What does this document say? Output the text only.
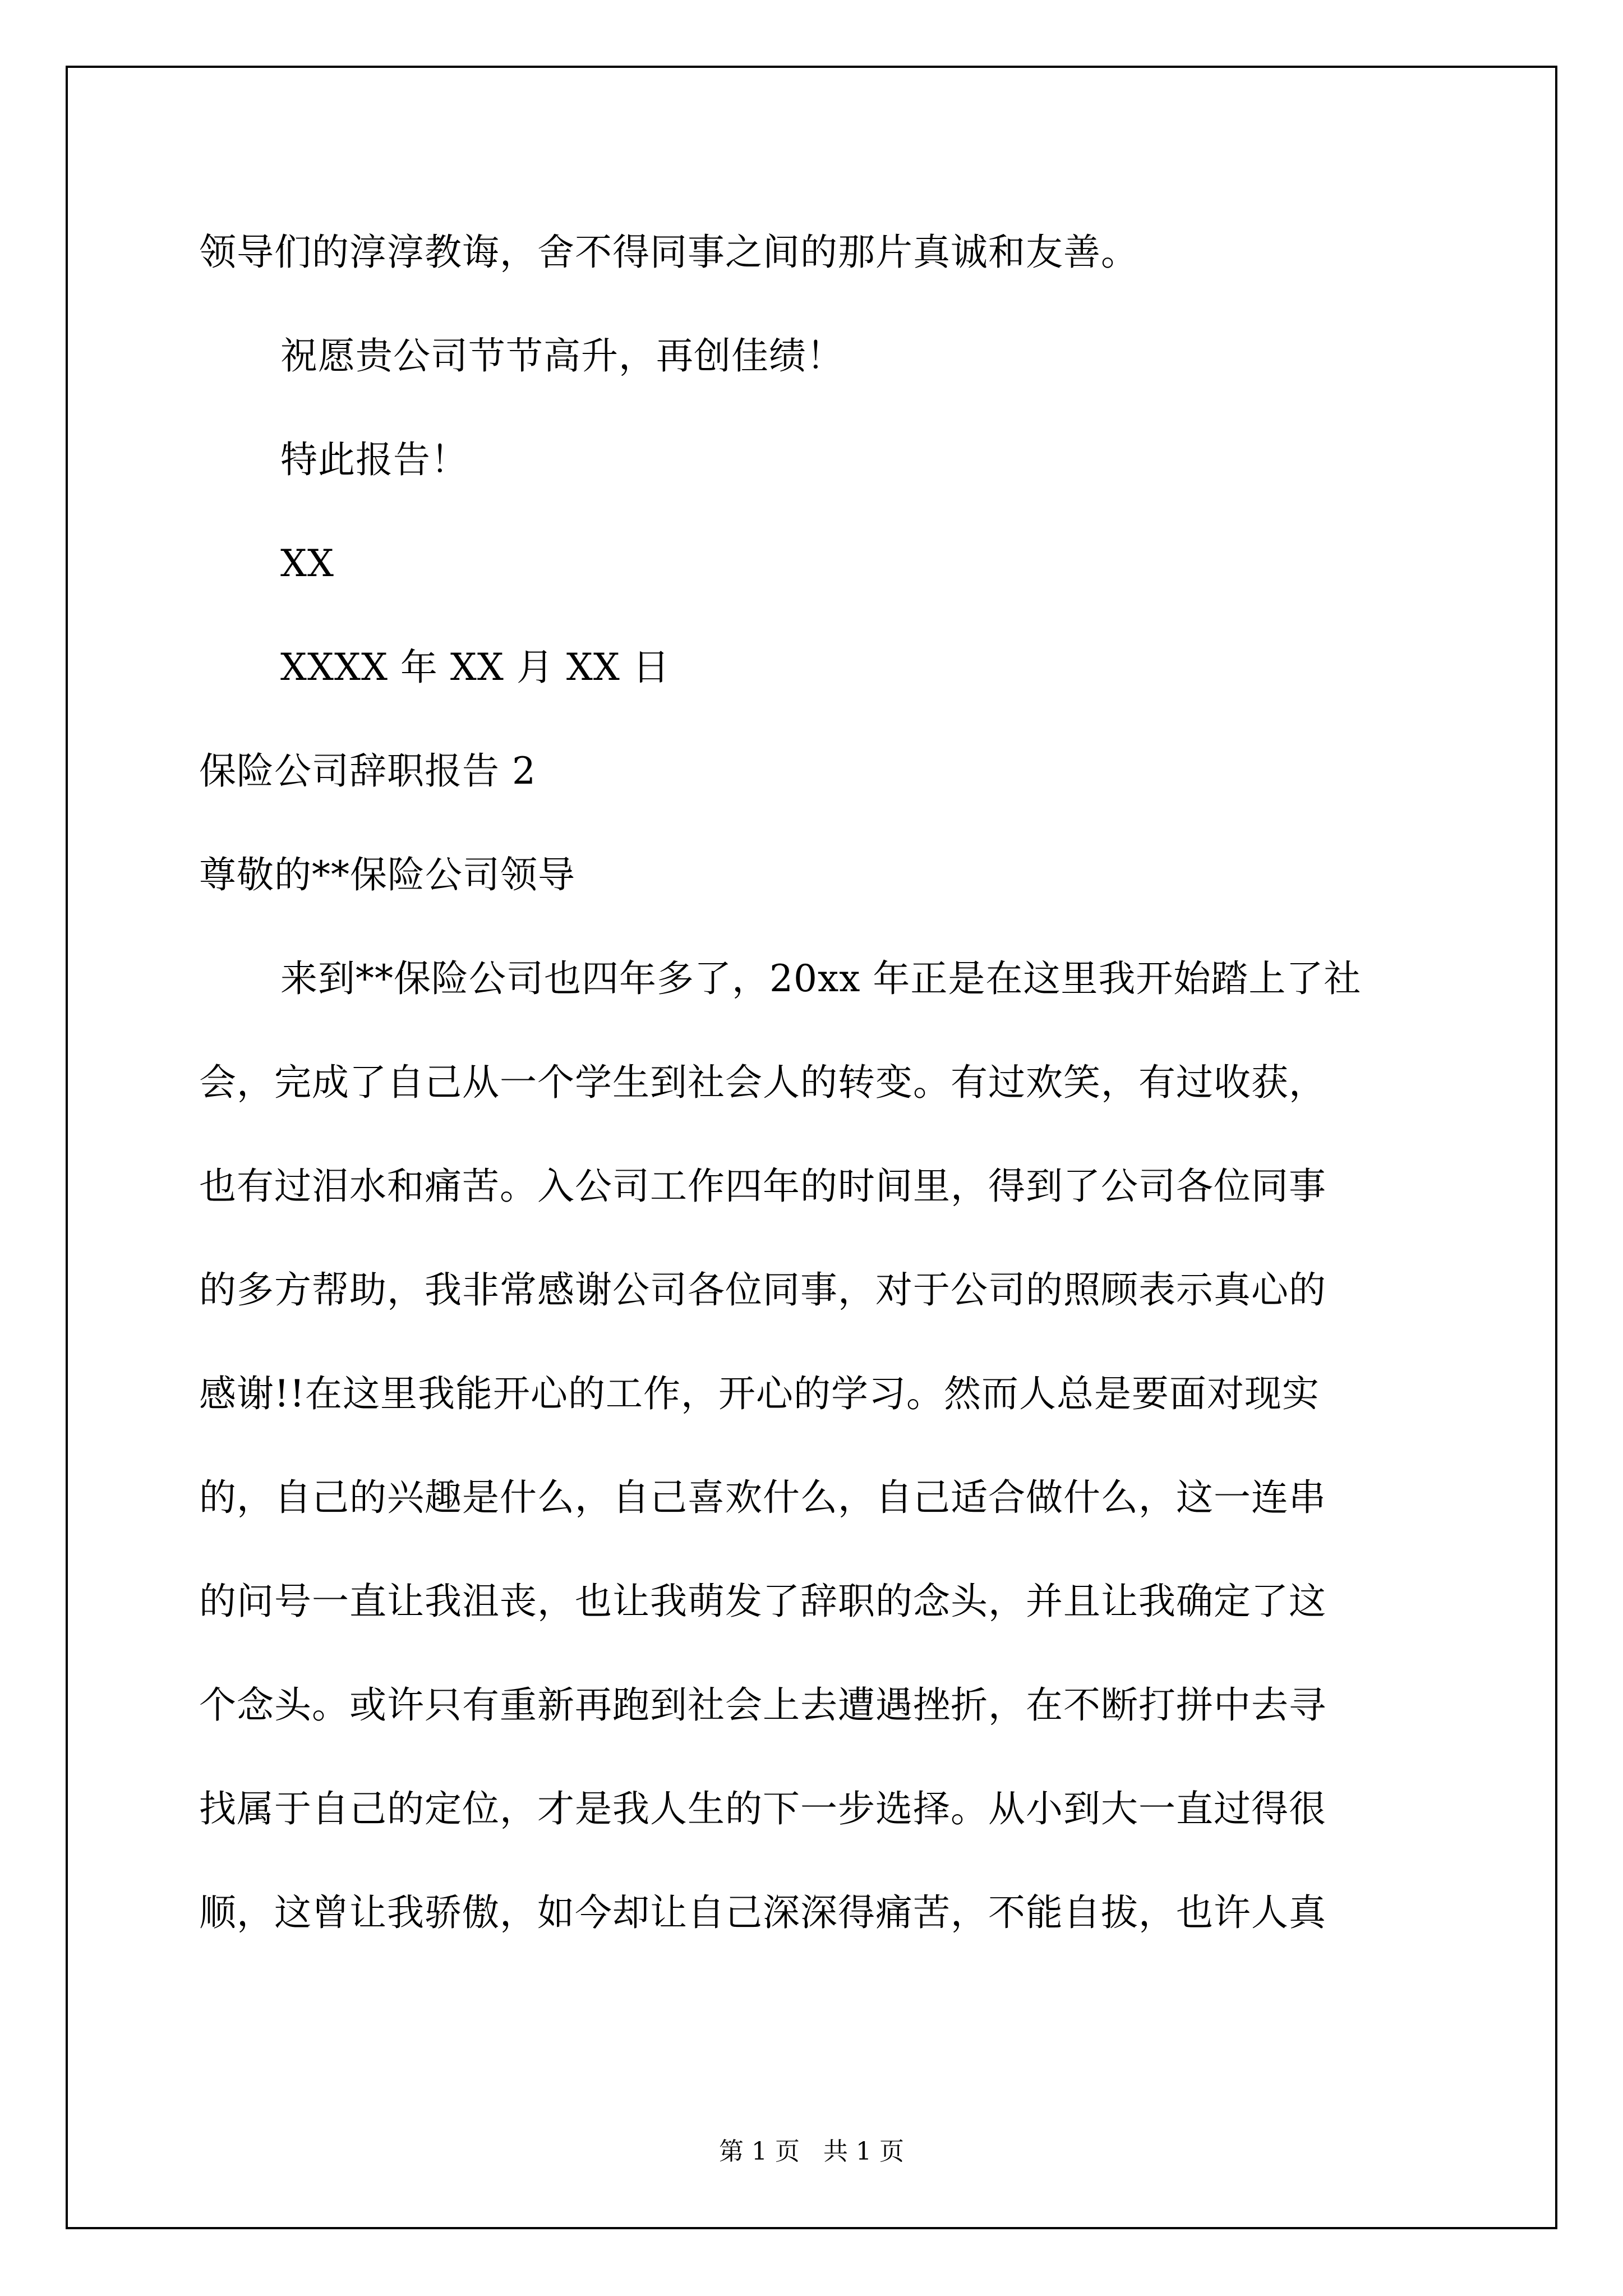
领导们的淳淳教诲，舍不得同事之间的那片真诚和友善。
祝愿贵公司节节高升，再创佳绩！
特此报告！
XX
XXXX 年 XX 月 XX 日
保险公司辞职报告 2
尊敬的**保险公司领导
来到**保险公司也四年多了，20xx 年正是在这里我开始踏上了社
会，完成了自己从一个学生到社会人的转变。有过欢笑，有过收获，
也有过泪水和痛苦。入公司工作四年的时间里，得到了公司各位同事
的多方帮助，我非常感谢公司各位同事，对于公司的照顾表示真心的
感谢!!在这里我能开心的工作，开心的学习。然而人总是要面对现实
的，自己的兴趣是什么，自己喜欢什么，自己适合做什么，这一连串
的问号一直让我沮丧，也让我萌发了辞职的念头，并且让我确定了这
个念头。或许只有重新再跑到社会上去遭遇挫折，在不断打拼中去寻
找属于自己的定位，才是我人生的下一步选择。从小到大一直过得很
顺，这曾让我骄傲，如今却让自己深深得痛苦，不能自拔，也许人真
第 1 页   共 1 页
